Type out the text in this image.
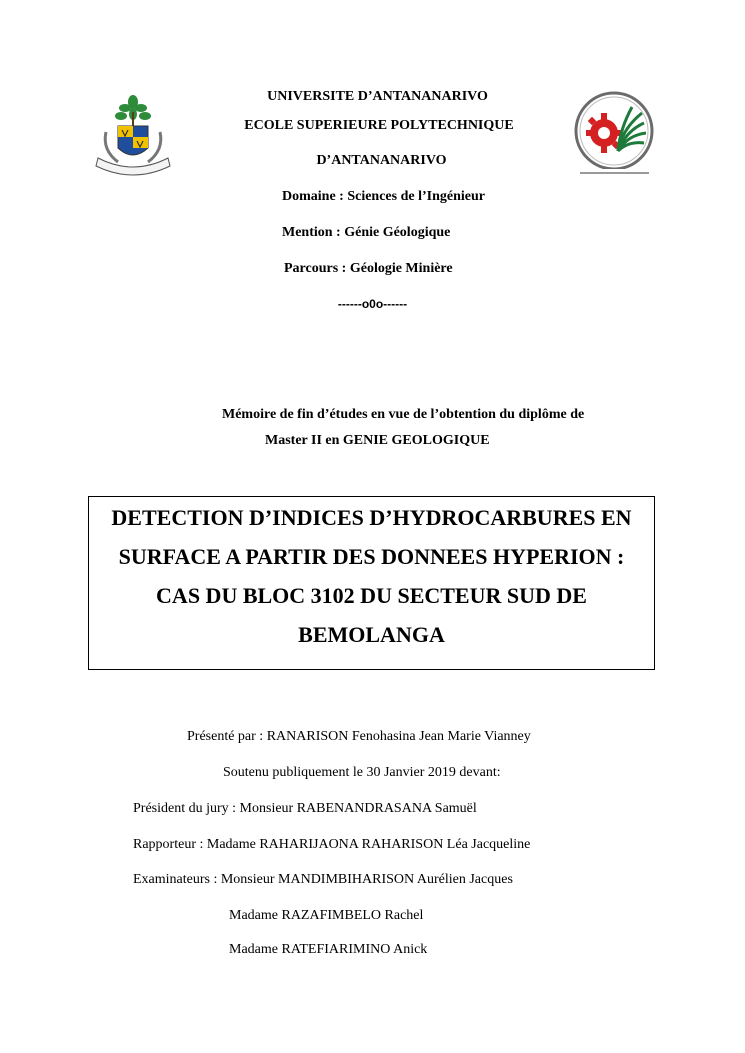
UNIVERSITE D’ANTANANARIVO
ECOLE SUPERIEURE POLYTECHNIQUE
D’ANTANANARIVO
Domaine : Sciences de l’Ingénieur
Mention : Génie Géologique
Parcours : Géologie Minière
------o0o------
Mémoire de fin d’études en vue de l’obtention du diplôme de
Master II en GENIE GEOLOGIQUE
DETECTION D’INDICES D’HYDROCARBURES EN SURFACE A PARTIR DES DONNEES HYPERION : CAS DU BLOC 3102 DU SECTEUR SUD DE BEMOLANGA
Présenté par : RANARISON Fenohasina Jean Marie Vianney
Soutenu publiquement le 30 Janvier 2019 devant:
Président du jury : Monsieur RABENANDRASANA Samuël
Rapporteur : Madame RAHARIJAONA RAHARISON Léa Jacqueline
Examinateurs : Monsieur MANDIMBIHARISON Aurélien Jacques
Madame RAZAFIMBELO Rachel
Madame RATEFIARIMINO Anick
